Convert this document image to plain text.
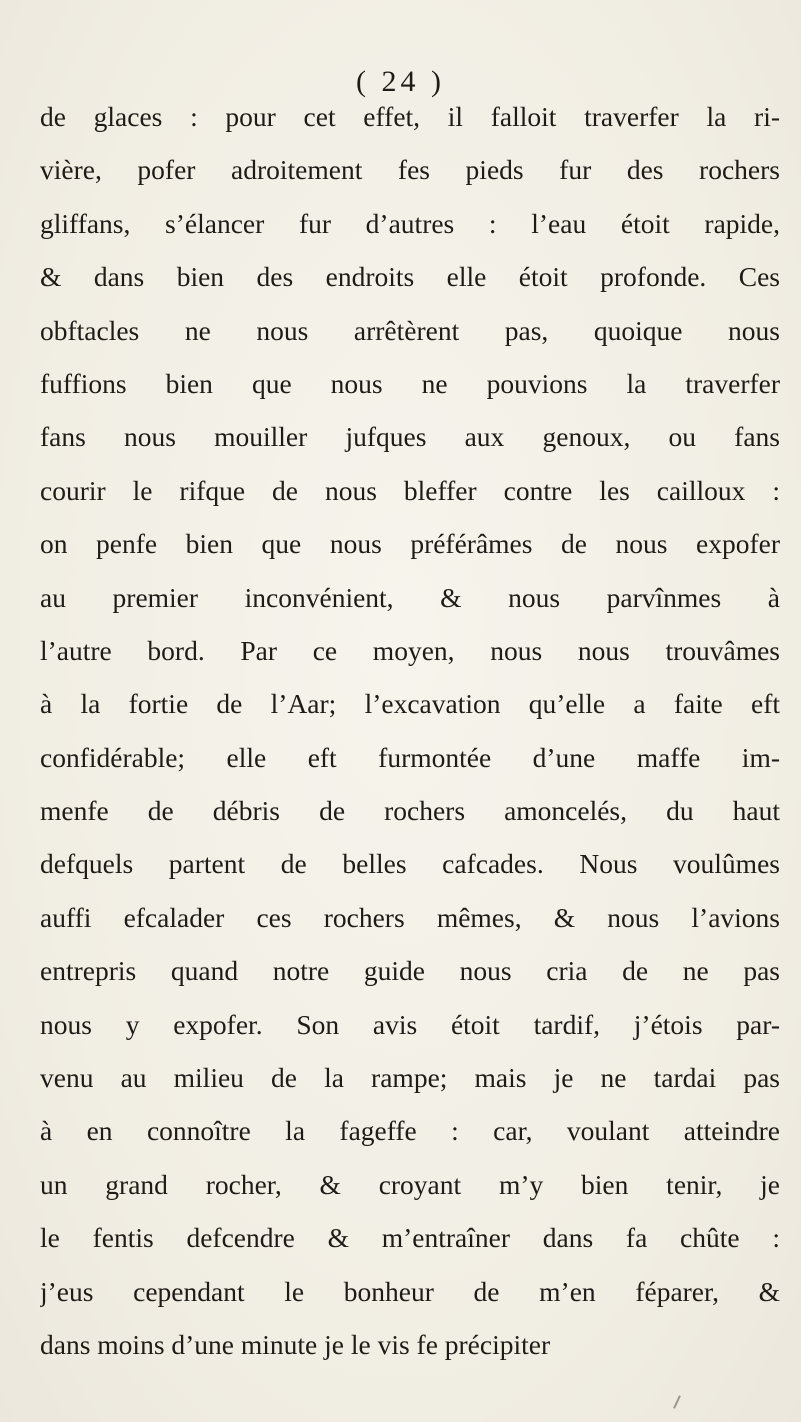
( 24 )
de glaces : pour cet effet, il falloit traverfer la ri-
vière, pofer adroitement fes pieds fur des rochers
gliffans, s’élancer fur d’autres : l’eau étoit rapide,
& dans bien des endroits elle étoit profonde. Ces
obftacles ne nous arrêtèrent pas, quoique nous
fuffions bien que nous ne pouvions la traverfer
fans nous mouiller jufques aux genoux, ou fans
courir le rifque de nous bleffer contre les cailloux :
on penfe bien que nous préférâmes de nous expofer
au premier inconvénient, & nous parvînmes à
l’autre bord. Par ce moyen, nous nous trouvâmes
à la fortie de l’Aar; l’excavation qu’elle a faite eft
confidérable; elle eft furmontée d’une maffe im-
menfe de débris de rochers amoncelés, du haut
defquels partent de belles cafcades. Nous voulûmes
auffi efcalader ces rochers mêmes, & nous l’avions
entrepris quand notre guide nous cria de ne pas
nous y expofer. Son avis étoit tardif, j’étois par-
venu au milieu de la rampe; mais je ne tardai pas
à en connoître la fageffe : car, voulant atteindre
un grand rocher, & croyant m’y bien tenir, je
le fentis defcendre & m’entraîner dans fa chûte :
j’eus cependant le bonheur de m’en féparer, &
dans moins d’une minute je le vis fe précipiter
